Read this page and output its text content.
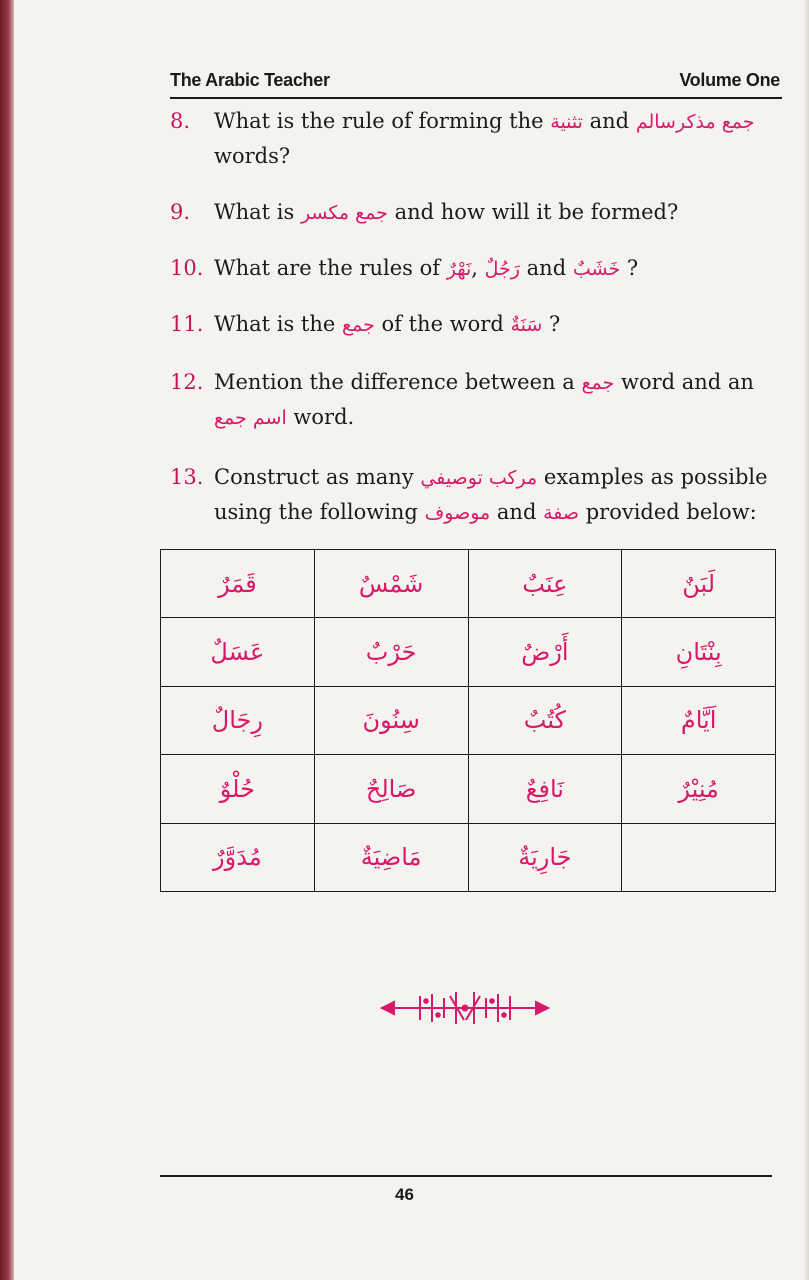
The Arabic Teacher	Volume One
8. What is the rule of forming the تثنية and جمع مذكرسالم
words?
9. What is جمع مكسر and how will it be formed?
10. What are the rules of نَهْرٌ, رَجُلٌ and خَشَبٌ ?
11. What is the جمع of the word سَنَةٌ ?
12. Mention the difference between a جمع word and an
اسم جمع word.
13. Construct as many مركب توصيفي examples as possible
using the following موصوف and صفة provided below:
قَمَرٌ	شَمْسٌ	عِنَبٌ	لَبَنٌ
عَسَلٌ	حَرْبٌ	أَرْضٌ	بِنْتَانِ
رِجَالٌ	سِنُونَ	كُتُبٌ	اَيَّامٌ
حُلْوٌ	صَالِحٌ	نَافِعٌ	مُنِيْرٌ
مُدَوَّرٌ	مَاضِيَةٌ	جَارِيَةٌ	
46
